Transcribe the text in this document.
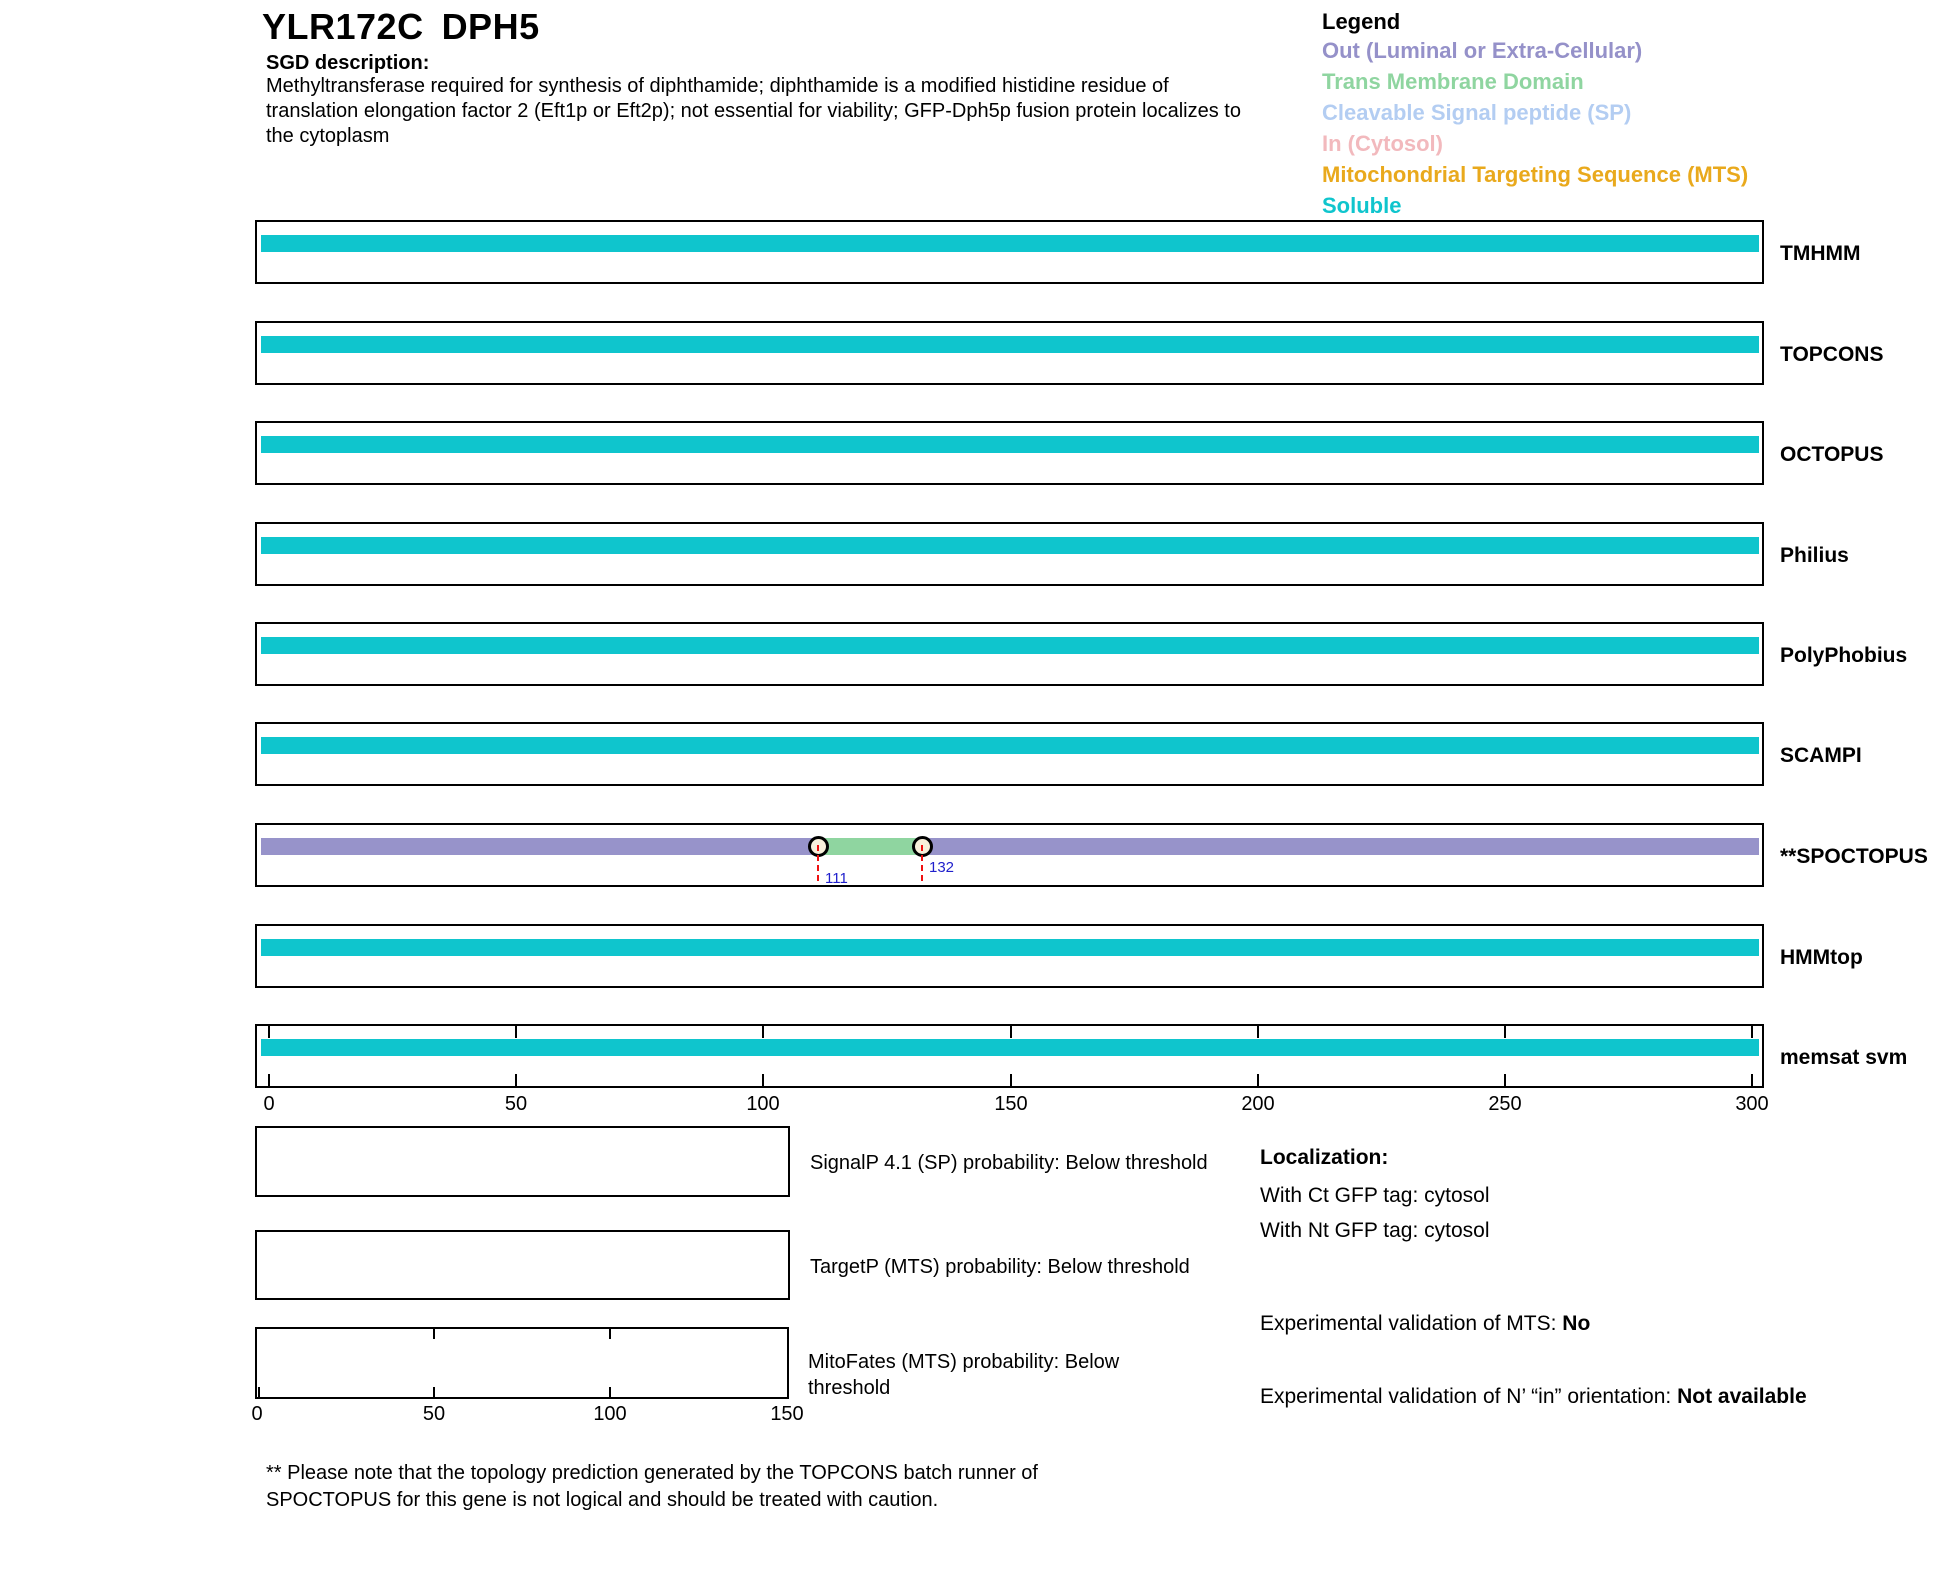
YLR172C DPH5
SGD description:
Methyltransferase required for synthesis of diphthamide; diphthamide is a modified histidine residue of
translation elongation factor 2 (Eft1p or Eft2p); not essential for viability; GFP-Dph5p fusion protein localizes to
the cytoplasm
Legend
Out (Luminal or Extra-Cellular)
Trans Membrane Domain
Cleavable Signal peptide (SP)
In (Cytosol)
Mitochondrial Targeting Sequence (MTS)
Soluble
TMHMM
TOPCONS
OCTOPUS
Philius
PolyPhobius
SCAMPI
111
132	**SPOCTOPUS
HMMtop
memsat svm
0	50	100	150	200	250	300
SignalP 4.1 (SP) probability: Below threshold
TargetP (MTS) probability: Below threshold
0	50	100	150
MitoFates (MTS) probability: Below
threshold
Localization:
With Ct GFP tag: cytosol
With Nt GFP tag: cytosol
Experimental validation of MTS: No
Experimental validation of N’ “in” orientation: Not available
** Please note that the topology prediction generated by the TOPCONS batch runner of
SPOCTOPUS for this gene is not logical and should be treated with caution.
